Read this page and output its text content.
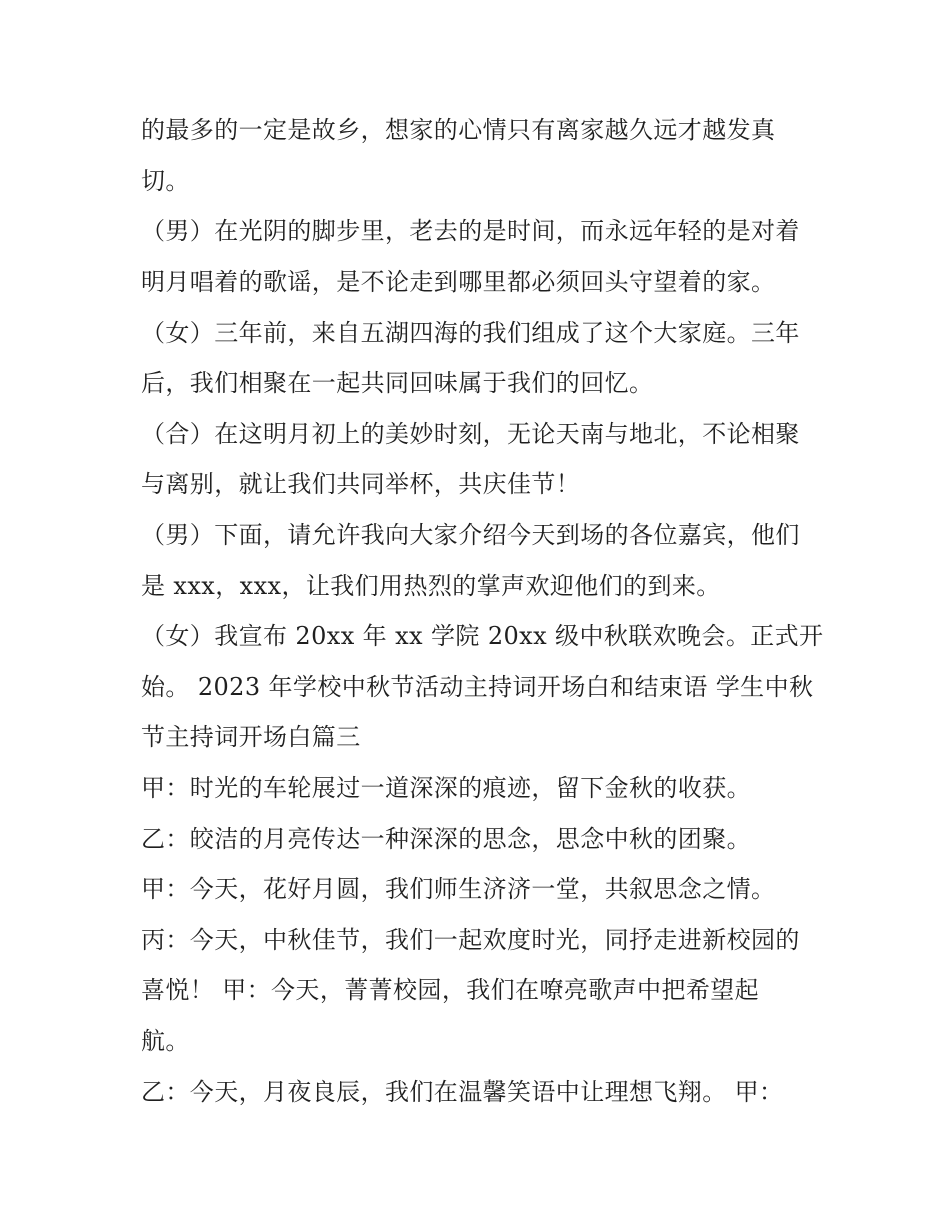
的最多的一定是故乡，想家的心情只有离家越久远才越发真
切。
（男）在光阴的脚步里，老去的是时间，而永远年轻的是对着
明月唱着的歌谣，是不论走到哪里都必须回头守望着的家。
（女）三年前，来自五湖四海的我们组成了这个大家庭。三年
后，我们相聚在一起共同回味属于我们的回忆。
（合）在这明月初上的美妙时刻，无论天南与地北，不论相聚
与离别，就让我们共同举杯，共庆佳节！
（男）下面，请允许我向大家介绍今天到场的各位嘉宾，他们
是 xxx，xxx，让我们用热烈的掌声欢迎他们的到来。
（女）我宣布 20xx 年 xx 学院 20xx 级中秋联欢晚会。正式开
始。 2023 年学校中秋节活动主持词开场白和结束语 学生中秋
节主持词开场白篇三
甲：时光的车轮展过一道深深的痕迹，留下金秋的收获。
乙：皎洁的月亮传达一种深深的思念，思念中秋的团聚。
甲：今天，花好月圆，我们师生济济一堂，共叙思念之情。
丙：今天，中秋佳节，我们一起欢度时光，同抒走进新校园的
喜悦！ 甲：今天，菁菁校园，我们在嘹亮歌声中把希望起
航。
乙：今天，月夜良辰，我们在温馨笑语中让理想飞翔。 甲：
